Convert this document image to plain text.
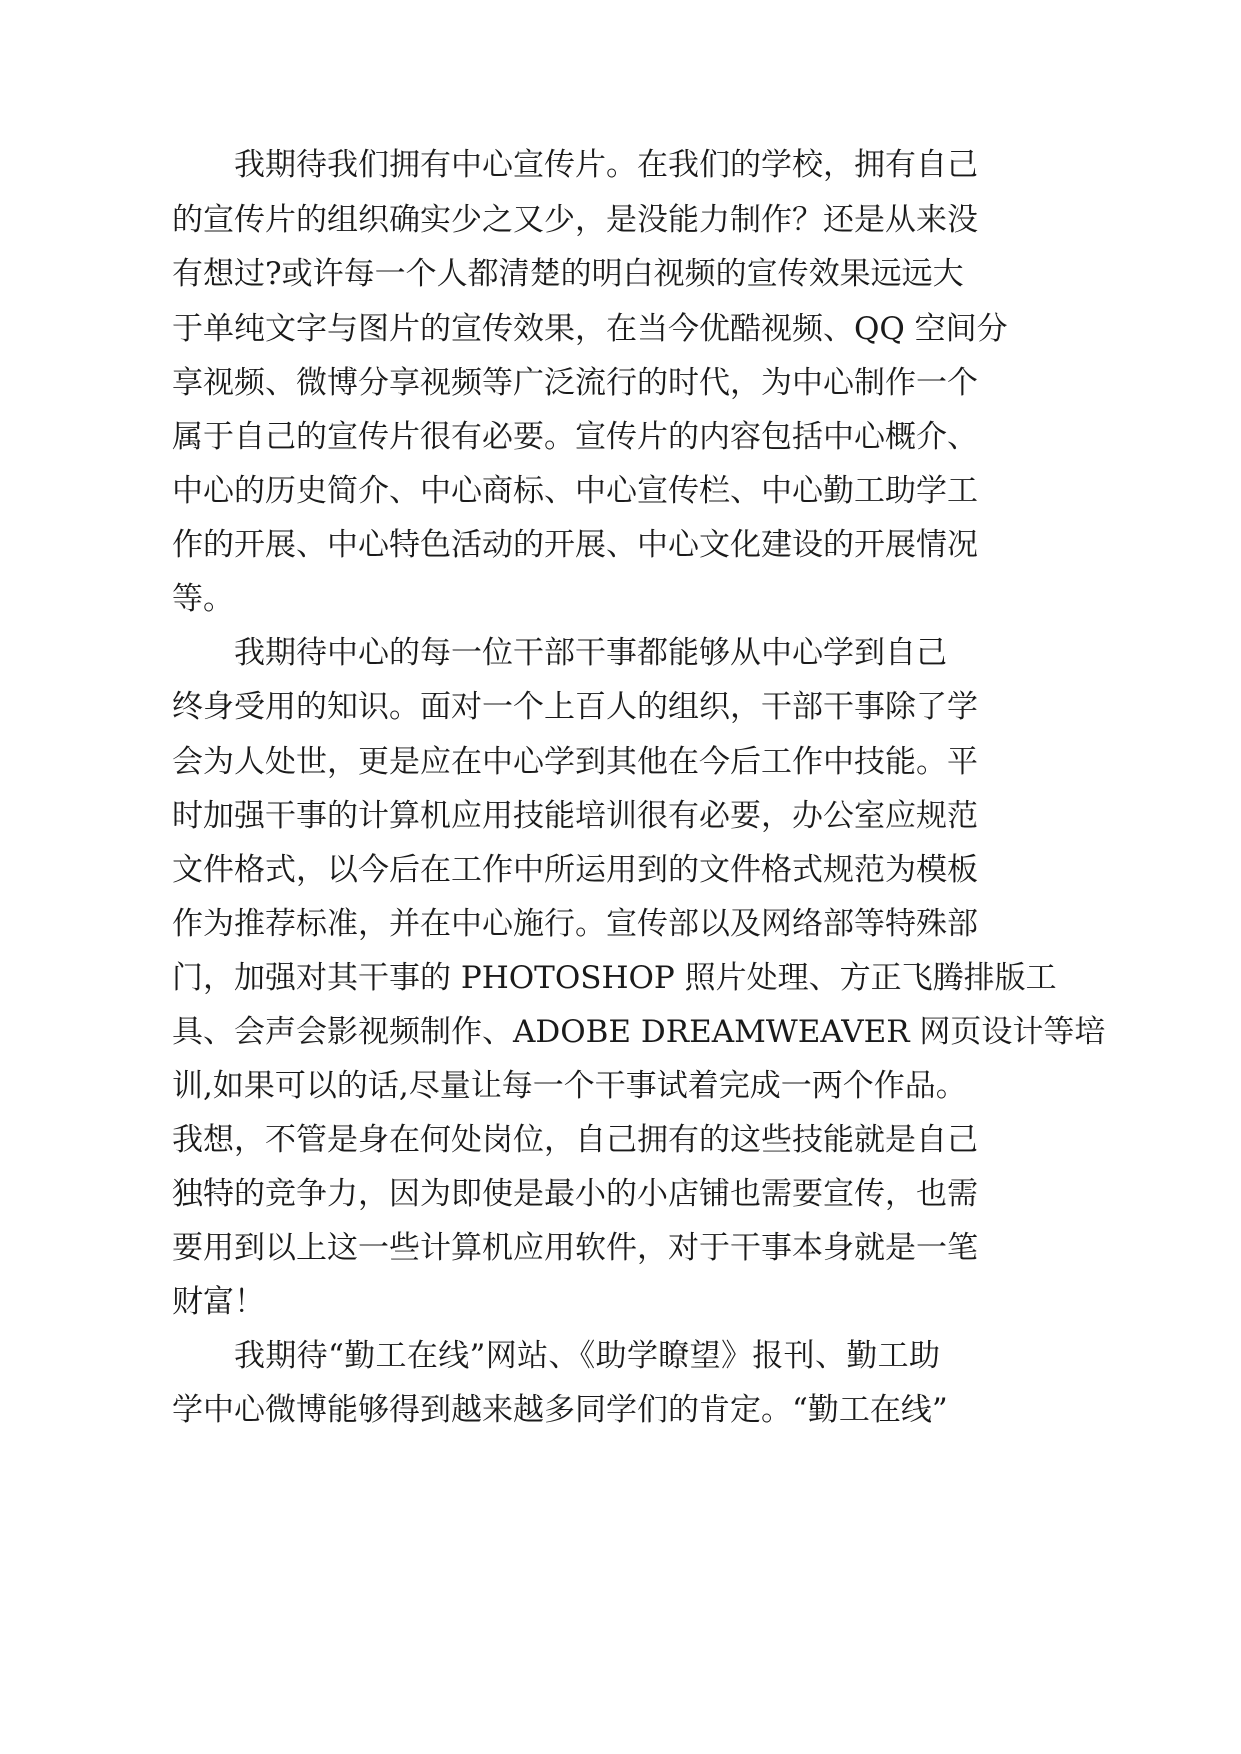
我期待我们拥有中心宣传片。在我们的学校，拥有自己
的宣传片的组织确实少之又少，是没能力制作？还是从来没
有想过?或许每一个人都清楚的明白视频的宣传效果远远大
于单纯文字与图片的宣传效果，在当今优酷视频、QQ 空间分
享视频、微博分享视频等广泛流行的时代，为中心制作一个
属于自己的宣传片很有必要。宣传片的内容包括中心概介、
中心的历史简介、中心商标、中心宣传栏、中心勤工助学工
作的开展、中心特色活动的开展、中心文化建设的开展情况
等。
我期待中心的每一位干部干事都能够从中心学到自己
终身受用的知识。面对一个上百人的组织，干部干事除了学
会为人处世，更是应在中心学到其他在今后工作中技能。平
时加强干事的计算机应用技能培训很有必要，办公室应规范
文件格式，以今后在工作中所运用到的文件格式规范为模板
作为推荐标准，并在中心施行。宣传部以及网络部等特殊部
门，加强对其干事的 PHOTOSHOP 照片处理、方正飞腾排版工
具、会声会影视频制作、ADOBE DREAMWEAVER 网页设计等培
训,如果可以的话,尽量让每一个干事试着完成一两个作品。
我想，不管是身在何处岗位，自己拥有的这些技能就是自己
独特的竞争力，因为即使是最小的小店铺也需要宣传，也需
要用到以上这一些计算机应用软件，对于干事本身就是一笔
财富！
我期待“勤工在线”网站、《助学瞭望》报刊、勤工助
学中心微博能够得到越来越多同学们的肯定。“勤工在线”
